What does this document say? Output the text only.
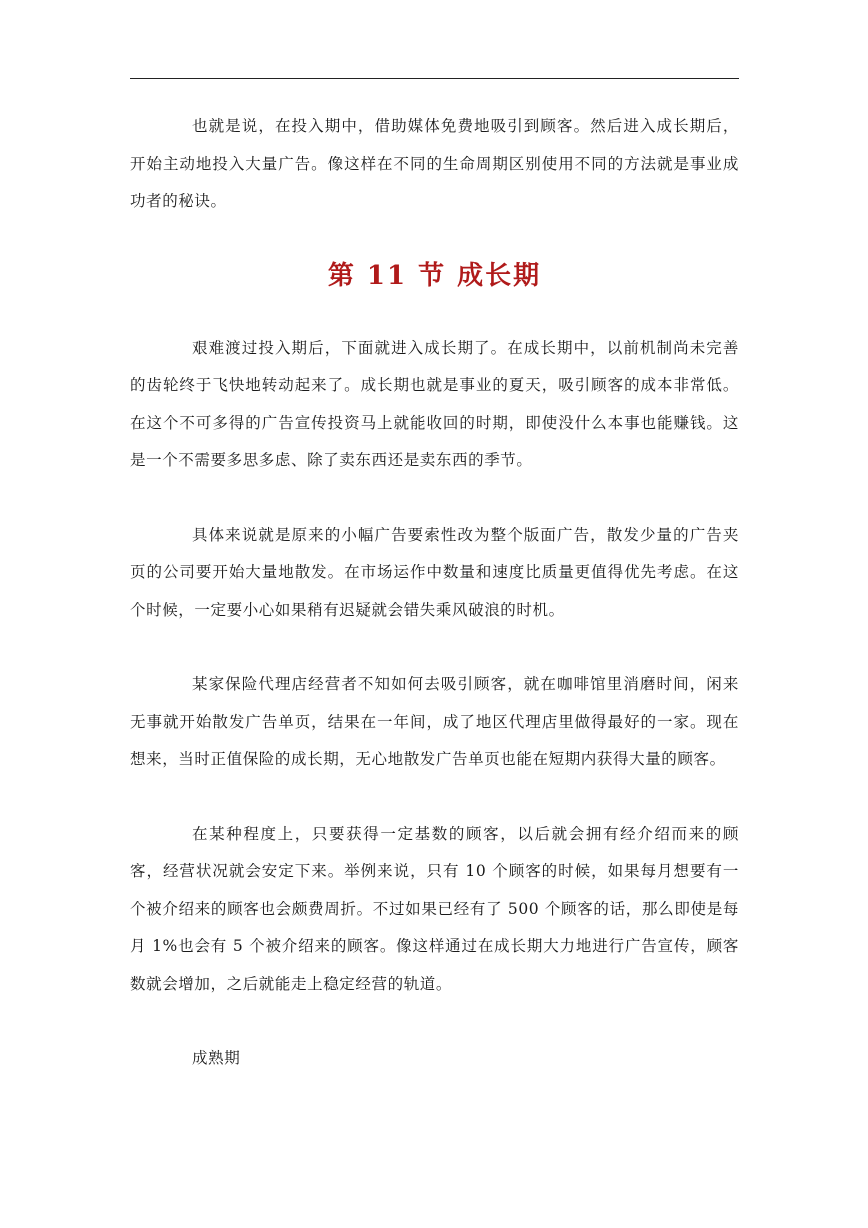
也就是说，在投入期中，借助媒体免费地吸引到顾客。然后进入成长期后，开始主动地投入大量广告。像这样在不同的生命周期区别使用不同的方法就是事业成功者的秘诀。

第 11 节 成长期

艰难渡过投入期后，下面就进入成长期了。在成长期中，以前机制尚未完善的齿轮终于飞快地转动起来了。成长期也就是事业的夏天，吸引顾客的成本非常低。在这个不可多得的广告宣传投资马上就能收回的时期，即使没什么本事也能赚钱。这是一个不需要多思多虑、除了卖东西还是卖东西的季节。

具体来说就是原来的小幅广告要索性改为整个版面广告，散发少量的广告夹页的公司要开始大量地散发。在市场运作中数量和速度比质量更值得优先考虑。在这个时候，一定要小心如果稍有迟疑就会错失乘风破浪的时机。

某家保险代理店经营者不知如何去吸引顾客，就在咖啡馆里消磨时间，闲来无事就开始散发广告单页，结果在一年间，成了地区代理店里做得最好的一家。现在想来，当时正值保险的成长期，无心地散发广告单页也能在短期内获得大量的顾客。

在某种程度上，只要获得一定基数的顾客，以后就会拥有经介绍而来的顾客，经营状况就会安定下来。举例来说，只有 10 个顾客的时候，如果每月想要有一个被介绍来的顾客也会颇费周折。不过如果已经有了 500 个顾客的话，那么即使是每月 1%也会有 5 个被介绍来的顾客。像这样通过在成长期大力地进行广告宣传，顾客数就会增加，之后就能走上稳定经营的轨道。

成熟期
